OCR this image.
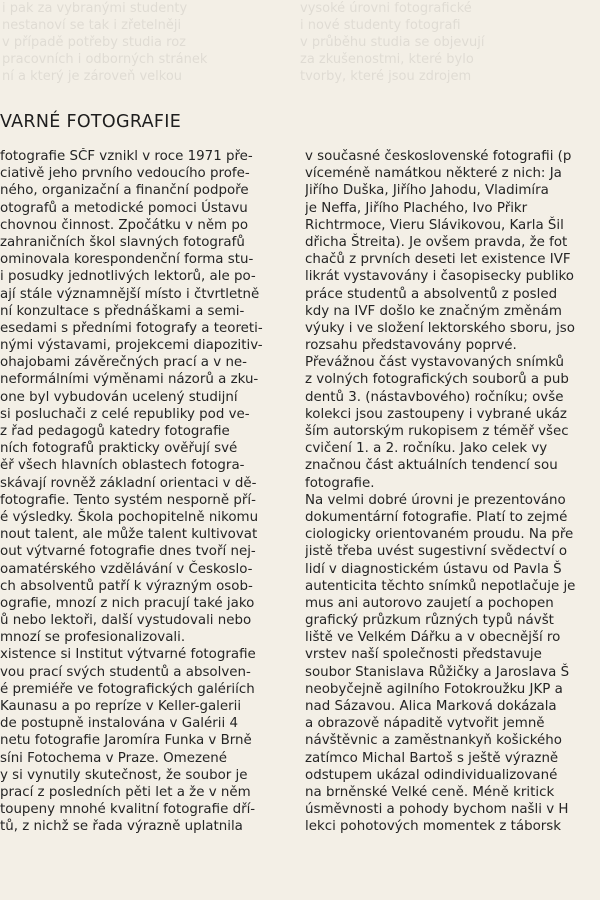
i pak za vybranými studenty
nestanoví se tak i zřetelněji
v případě potřeby studia roz
pracovních i odborných stránek
ní a který je zároveň velkou
vysoké úrovni fotografické
i nové studenty fotografi
v průběhu studia se objevují
za zkušenostmi, které bylo
tvorby, které jsou zdrojem
VARNÉ FOTOGRAFIE
fotografie SČF vznikl v roce 1971 pře-
ciativě jeho prvního vedoucího profe-
ného, organizační a finanční podpoře
otografů a metodické pomoci Ústavu
chovnou činnost. Zpočátku v něm po
zahraničních škol slavných fotografů
ominovala korespondenční forma stu-
i posudky jednotlivých lektorů, ale po-
ají stále významnější místo i čtvrtletně
ní konzultace s přednáškami a semi-
esedami s předními fotografy a teoreti-
nými výstavami, projekcemi diapozitiv-
ohajobami závěrečných prací a v ne-
neformálními výměnami názorů a zku-
one byl vybudován ucelený studijní
si posluchači z celé republiky pod ve-
z řad pedagogů katedry fotografie
ních fotografů prakticky ověřují své
ěř všech hlavních oblastech fotogra-
skávají rovněž základní orientaci v dě-
fotografie. Tento systém nesporně pří-
é výsledky. Škola pochopitelně nikomu
nout talent, ale může talent kultivovat
out výtvarné fotografie dnes tvoří nej-
oamatérského vzdělávání v Českoslo-
ch absolventů patří k výrazným osob-
ografie, mnozí z nich pracují také jako
ů nebo lektoři, další vystudovali nebo
mnozí se profesionalizovali.
xistence si Institut výtvarné fotografie
vou prací svých studentů a absolven-
é premiéře ve fotografických galériích
Kaunasu a po repríze v Keller-galerii
de postupně instalována v Galérii 4
netu fotografie Jaromíra Funka v Brně
síni Fotochema v Praze. Omezené
y si vynutily skutečnost, že soubor je
prací z posledních pěti let a že v něm
toupeny mnohé kvalitní fotografie dří-
tů, z nichž se řada výrazně uplatnila
v současné československé fotografii (p
víceméně namátkou některé z nich: Ja
Jiřího Duška, Jiřího Jahodu, Vladimíra
je Neffa, Jiřího Plachého, Ivo Přikr
Richtrmoce, Vieru Slávikovou, Karla Šil
dřicha Štreita). Je ovšem pravda, že fot
chačů z prvních deseti let existence IVF
likrát vystavovány i časopisecky publiko
práce studentů a absolventů z posled
kdy na IVF došlo ke značným změnám
výuky i ve složení lektorského sboru, jso
rozsahu představovány poprvé.
Převážnou část vystavovaných snímků
z volných fotografických souborů a pub
dentů 3. (nástavbového) ročníku; ovše
kolekci jsou zastoupeny i vybrané ukáz
ším autorským rukopisem z téměř všec
cvičení 1. a 2. ročníku. Jako celek vy
značnou část aktuálních tendencí sou
fotografie.
Na velmi dobré úrovni je prezentováno
dokumentární fotografie. Platí to zejmé
ciologicky orientovaném proudu. Na pře
jistě třeba uvést sugestivní svědectví o
lidí v diagnostickém ústavu od Pavla Š
autenticita těchto snímků nepotlačuje je
mus ani autorovo zaujetí a pochopen
grafický průzkum různých typů návšt
liště ve Velkém Dářku a v obecnější ro
vrstev naší společnosti představuje
soubor Stanislava Růžičky a Jaroslava Š
neobyčejně agilního Fotokroužku JKP a
nad Sázavou. Alica Marková dokázala
a obrazově nápaditě vytvořit jemně
návštěvnic a zaměstnankyň košického
zatímco Michal Bartoš s ještě výrazně
odstupem ukázal odindividualizované
na brněnské Velké ceně. Méně kritick
úsměvnosti a pohody bychom našli v H
lekci pohotových momentek z táborsk
